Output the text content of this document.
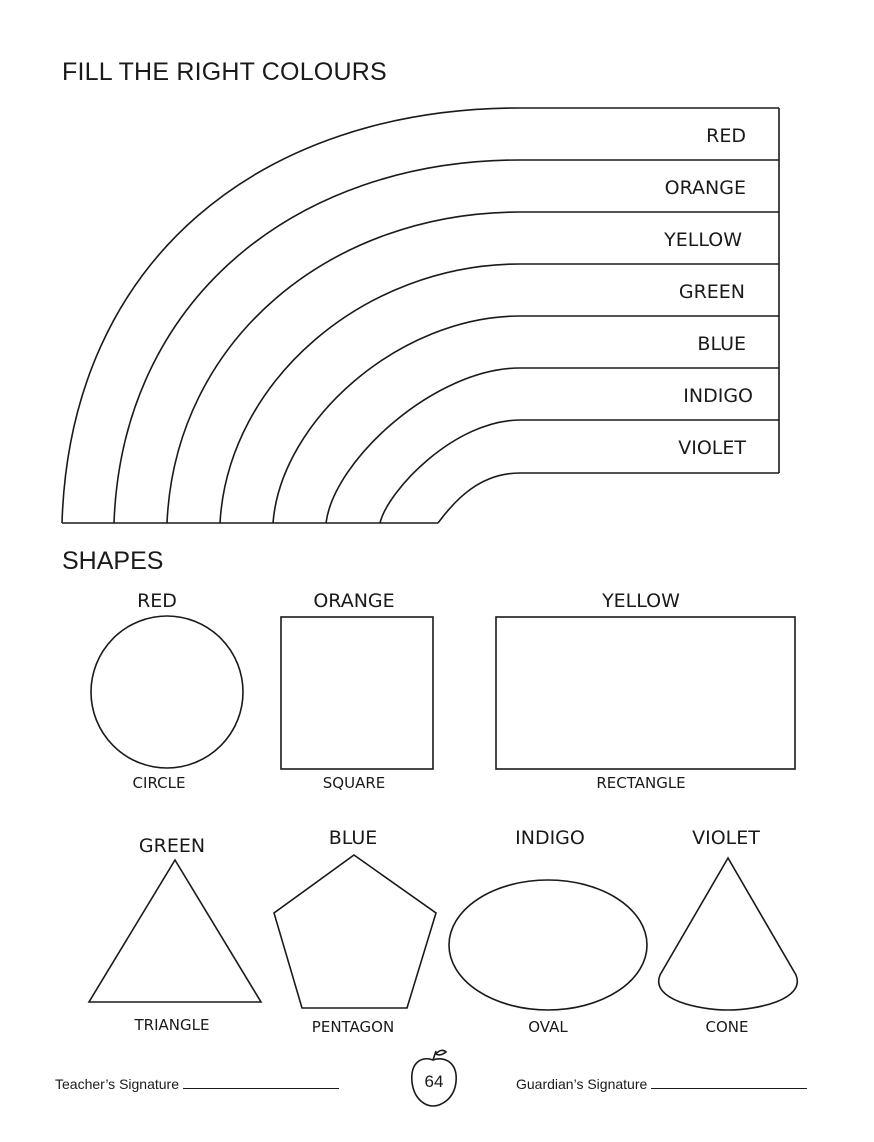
FILL THE RIGHT COLOURS
RED
ORANGE
YELLOW
GREEN
BLUE
INDIGO
VIOLET
SHAPES
RED
CIRCLE
ORANGE
SQUARE
YELLOW
RECTANGLE
GREEN
TRIANGLE
BLUE
PENTAGON
INDIGO
OVAL
VIOLET
CONE
Teacher’s Signature	64	Guardian’s Signature
